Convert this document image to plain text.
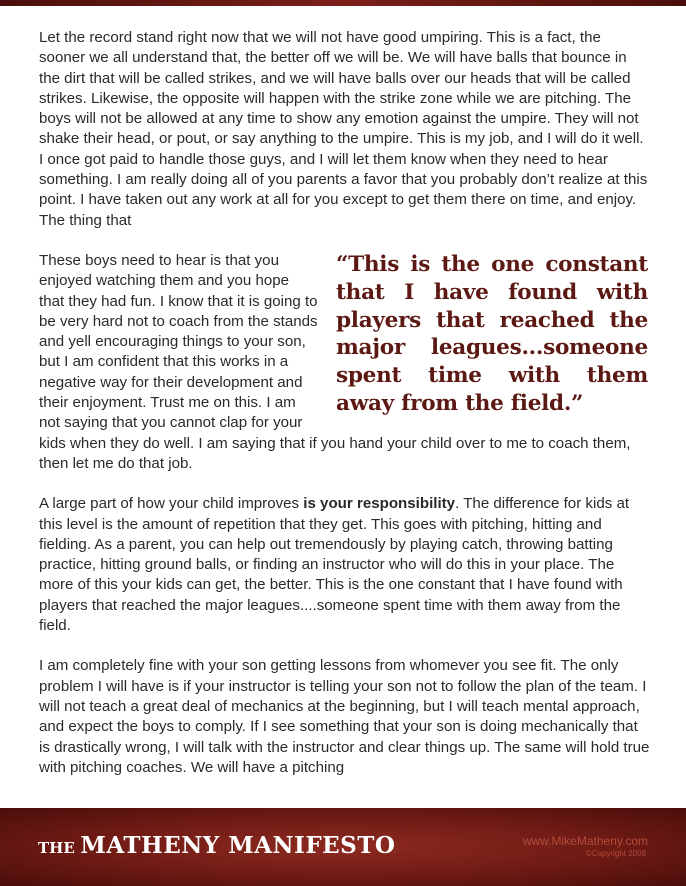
Let the record stand right now that we will not have good umpiring. This is a fact, the sooner we all understand that, the better off we will be. We will have balls that bounce in the dirt that will be called strikes, and we will have balls over our heads that will be called strikes. Likewise, the opposite will happen with the strike zone while we are pitching. The boys will not be allowed at any time to show any emotion against the umpire. They will not shake their head, or pout, or say anything to the umpire. This is my job, and I will do it well. I once got paid to handle those guys, and I will let them know when they need to hear something. I am really doing all of you parents a favor that you probably don’t realize at this point. I have taken out any work at all for you except to get them there on time, and enjoy. The thing that

“This is the one constant that I have found with players that reached the major leagues...someone spent time with them away from the field.”
These boys need to hear is that you enjoyed watching them and you hope that they had fun. I know that it is going to be very hard not to coach from the stands and yell encouraging things to your son, but I am confident that this works in a negative way for their development and their enjoyment. Trust me on this. I am not saying that you cannot clap for your kids when they do well. I am saying that if you hand your child over to me to coach them, then let me do that job.

A large part of how your child improves is your responsibility. The difference for kids at this level is the amount of repetition that they get. This goes with pitching, hitting and fielding. As a parent, you can help out tremendously by playing catch, throwing batting practice, hitting ground balls, or finding an instructor who will do this in your place. The more of this your kids can get, the better. This is the one constant that I have found with players that reached the major leagues....someone spent time with them away from the field.

I am completely fine with your son getting lessons from whomever you see fit. The only problem I will have is if your instructor is telling your son not to follow the plan of the team. I will not teach a great deal of mechanics at the beginning, but I will teach mental approach, and expect the boys to comply. If I see something that your son is doing mechanically that is drastically wrong, I will talk with the instructor and clear things up. The same will hold true with pitching coaches. We will have a pitching

THE MATHENY MANIFESTO	www.MikeMatheny.com
©Copyright 2009
